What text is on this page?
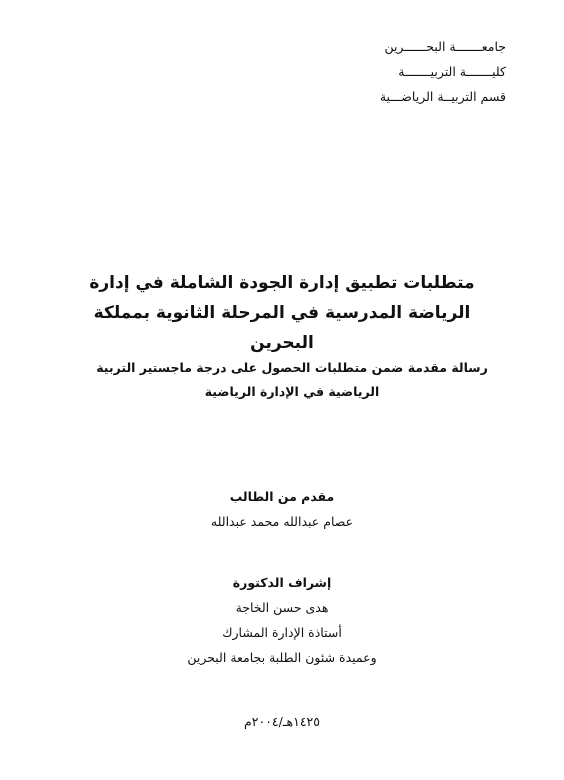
جامعـــــــة البحــــــرين
كليـــــــة التربيـــــــة
قسم التربيــة الرياضـــية
متطلبات تطبيق إدارة الجودة الشاملة في إدارة
الرياضة المدرسية في المرحلة الثانوية بمملكة البحرين
رسالة مقدمة ضمن متطلبات الحصول على درجة ماجستير التربية
الرياضية في الإدارة الرياضية
مقدم من الطالب
عصام عبدالله محمد عبدالله
إشراف الدكتورة
هدى حسن الخاجة
أستاذة الإدارة المشارك
وعميدة شئون الطلبة بجامعة البحرين
١٤٢٥هـ/٢٠٠٤م
